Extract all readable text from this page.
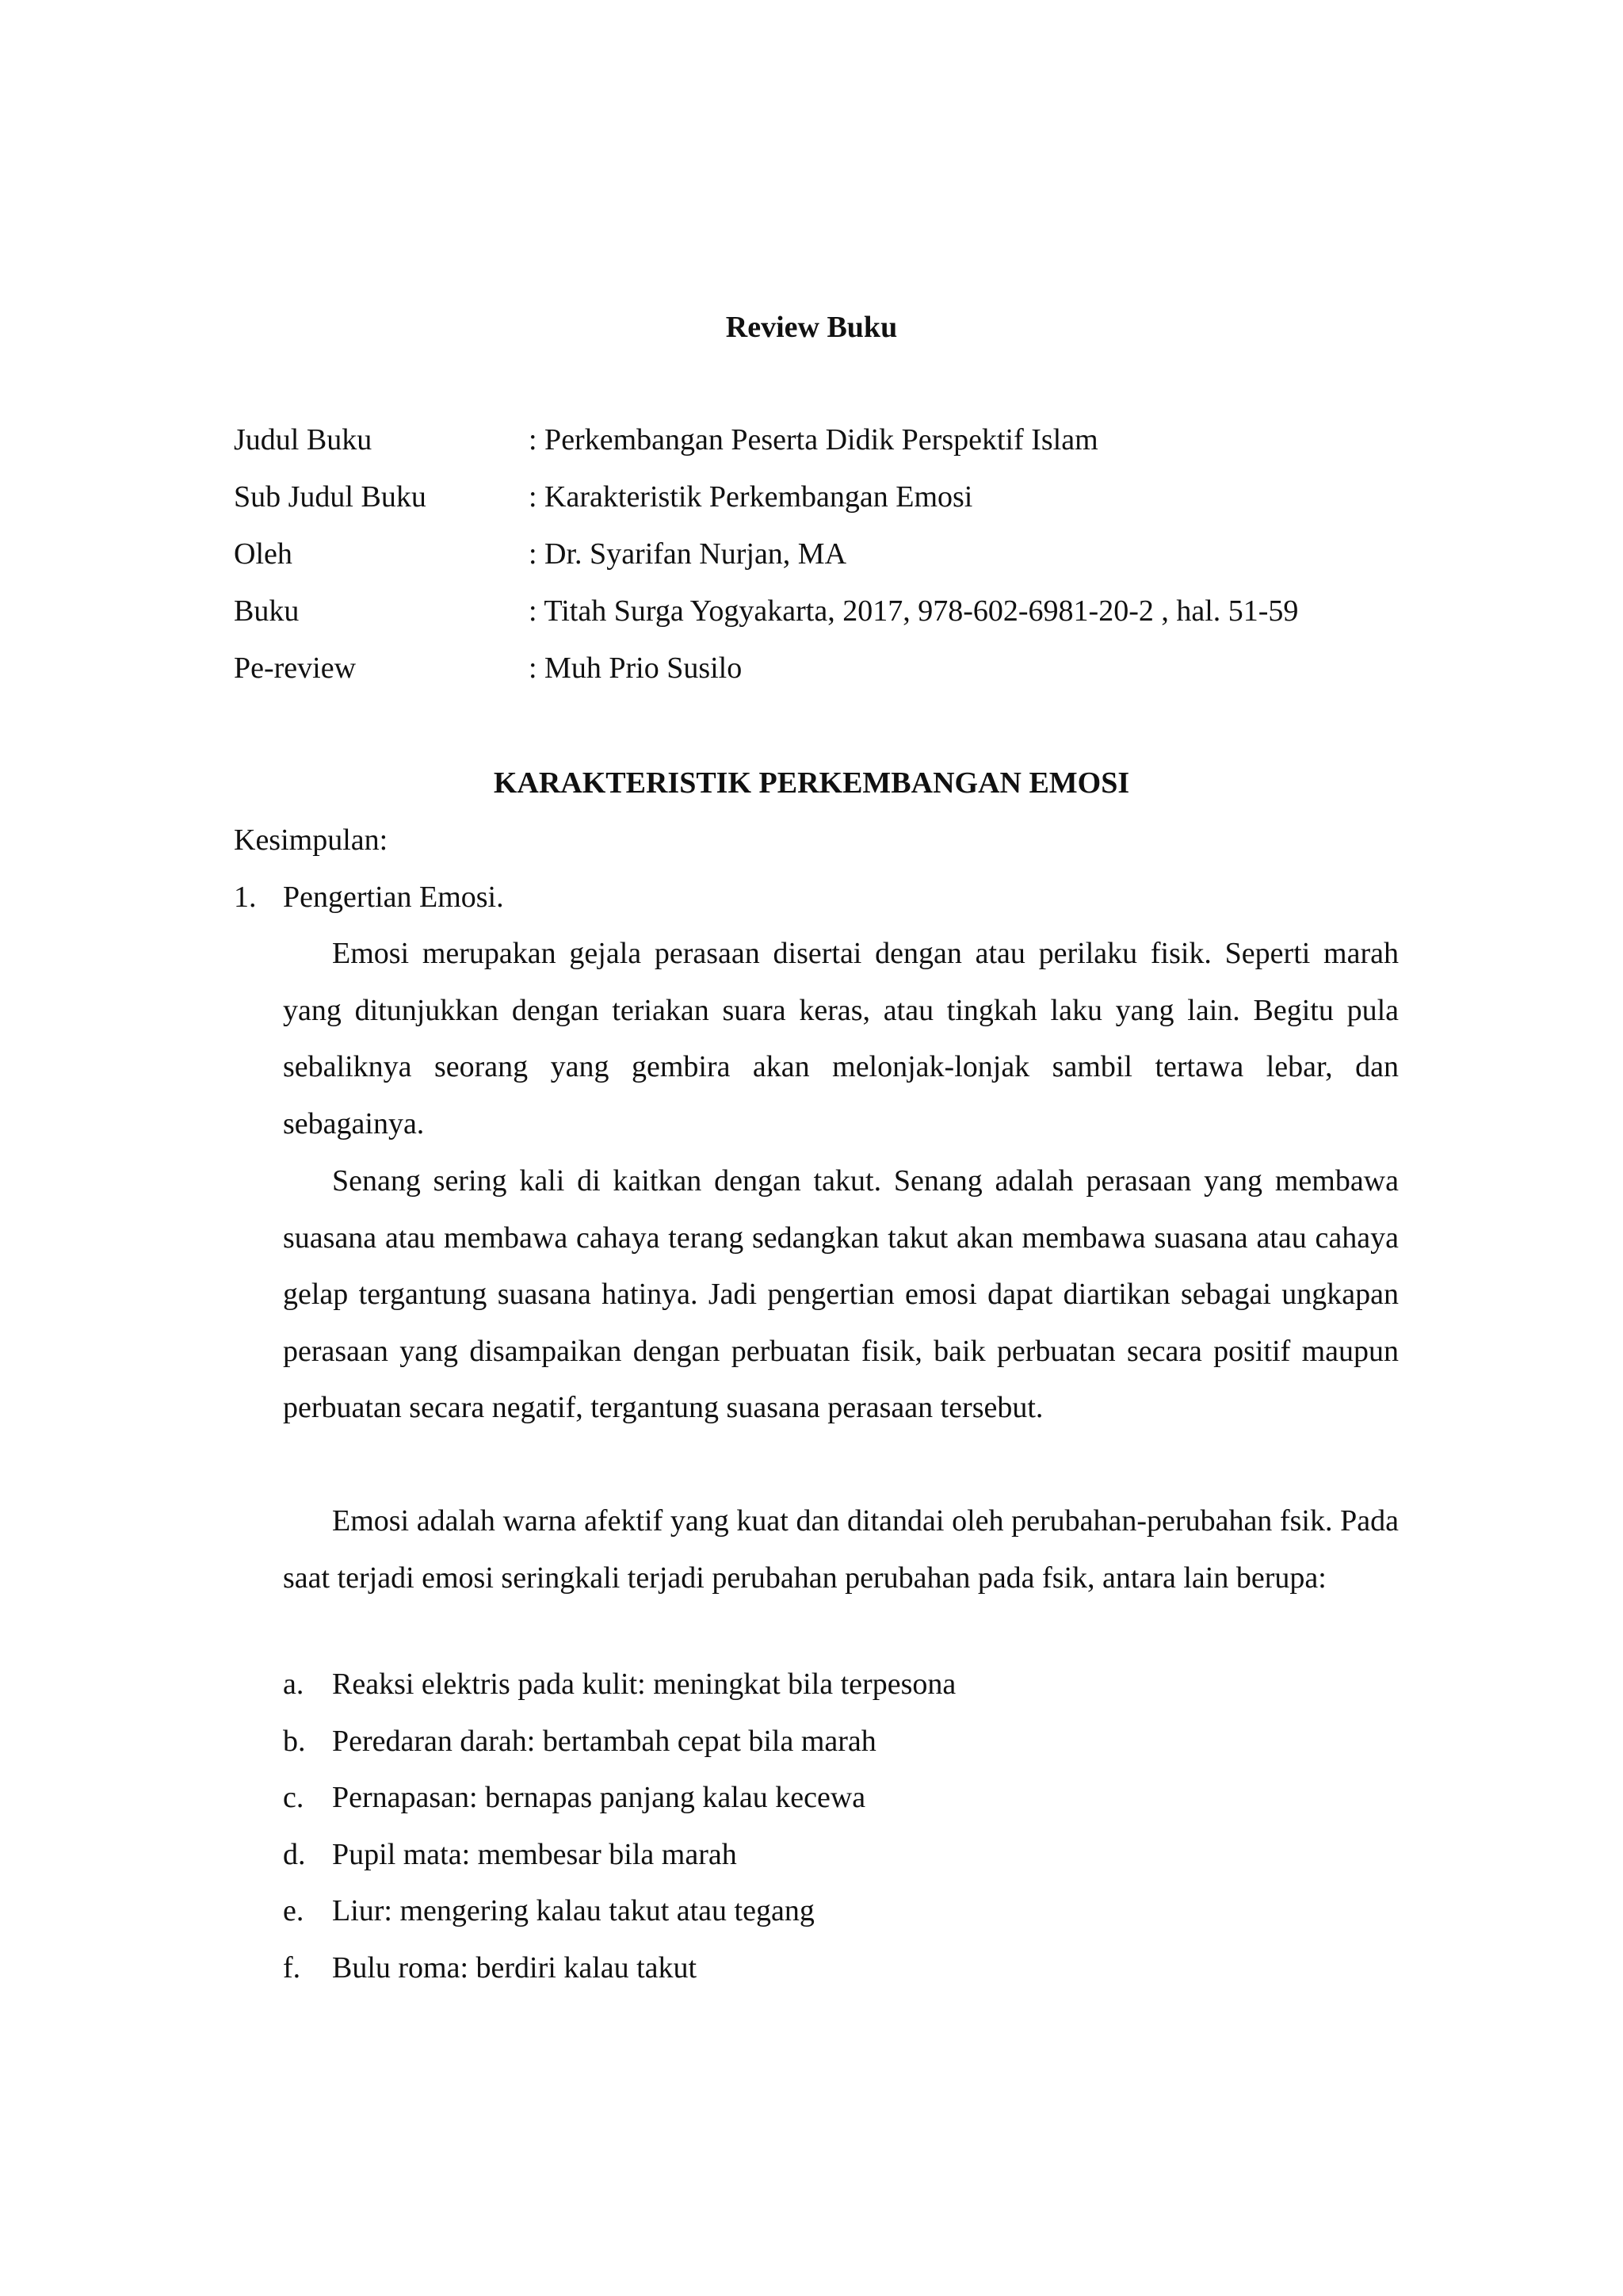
Review Buku
Judul Buku	: Perkembangan Peserta Didik Perspektif Islam
Sub Judul Buku	: Karakteristik Perkembangan Emosi
Oleh	: Dr. Syarifan Nurjan, MA
Buku	: Titah Surga Yogyakarta, 2017, 978-602-6981-20-2 , hal. 51-59
Pe-review	: Muh Prio Susilo
KARAKTERISTIK PERKEMBANGAN EMOSI
Kesimpulan:
1. Pengertian Emosi.

Emosi merupakan gejala perasaan disertai dengan atau perilaku fisik. Seperti marah yang ditunjukkan dengan teriakan suara keras, atau tingkah laku yang lain. Begitu pula sebaliknya seorang yang gembira akan melonjak-lonjak sambil tertawa lebar, dan sebagainya.

Senang sering kali di kaitkan dengan takut. Senang adalah perasaan yang membawa suasana atau membawa cahaya terang sedangkan takut akan membawa suasana atau cahaya gelap tergantung suasana hatinya. Jadi pengertian emosi dapat diartikan sebagai ungkapan perasaan yang disampaikan dengan perbuatan fisik, baik perbuatan secara positif maupun perbuatan secara negatif, tergantung suasana perasaan tersebut.

Emosi adalah warna afektif yang kuat dan ditandai oleh perubahan-perubahan fsik. Pada saat terjadi emosi seringkali terjadi perubahan perubahan pada fsik, antara lain berupa:

a. Reaksi elektris pada kulit: meningkat bila terpesona
b. Peredaran darah: bertambah cepat bila marah
c. Pernapasan: bernapas panjang kalau kecewa
d. Pupil mata: membesar bila marah
e. Liur: mengering kalau takut atau tegang
f.	Bulu roma: berdiri kalau takut
